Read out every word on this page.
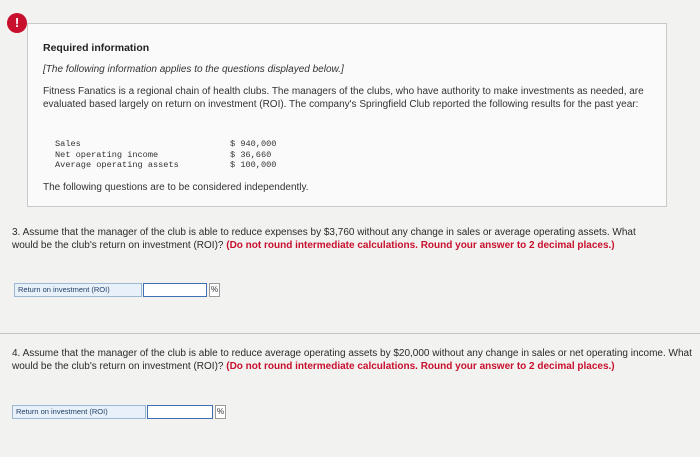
!
Required information
[The following information applies to the questions displayed below.]
Fitness Fanatics is a regional chain of health clubs. The managers of the clubs, who have authority to make investments as needed, are evaluated based largely on return on investment (ROI). The company's Springfield Club reported the following results for the past year:
Sales	$ 940,000
Net operating income	$ 36,660
Average operating assets	$ 100,000
The following questions are to be considered independently.
3. Assume that the manager of the club is able to reduce expenses by $3,760 without any change in sales or average operating assets. What would be the club's return on investment (ROI)? (Do not round intermediate calculations. Round your answer to 2 decimal places.)
Return on investment (ROI)	%
4. Assume that the manager of the club is able to reduce average operating assets by $20,000 without any change in sales or net operating income. What would be the club's return on investment (ROI)? (Do not round intermediate calculations. Round your answer to 2 decimal places.)
Return on investment (ROI)	%
